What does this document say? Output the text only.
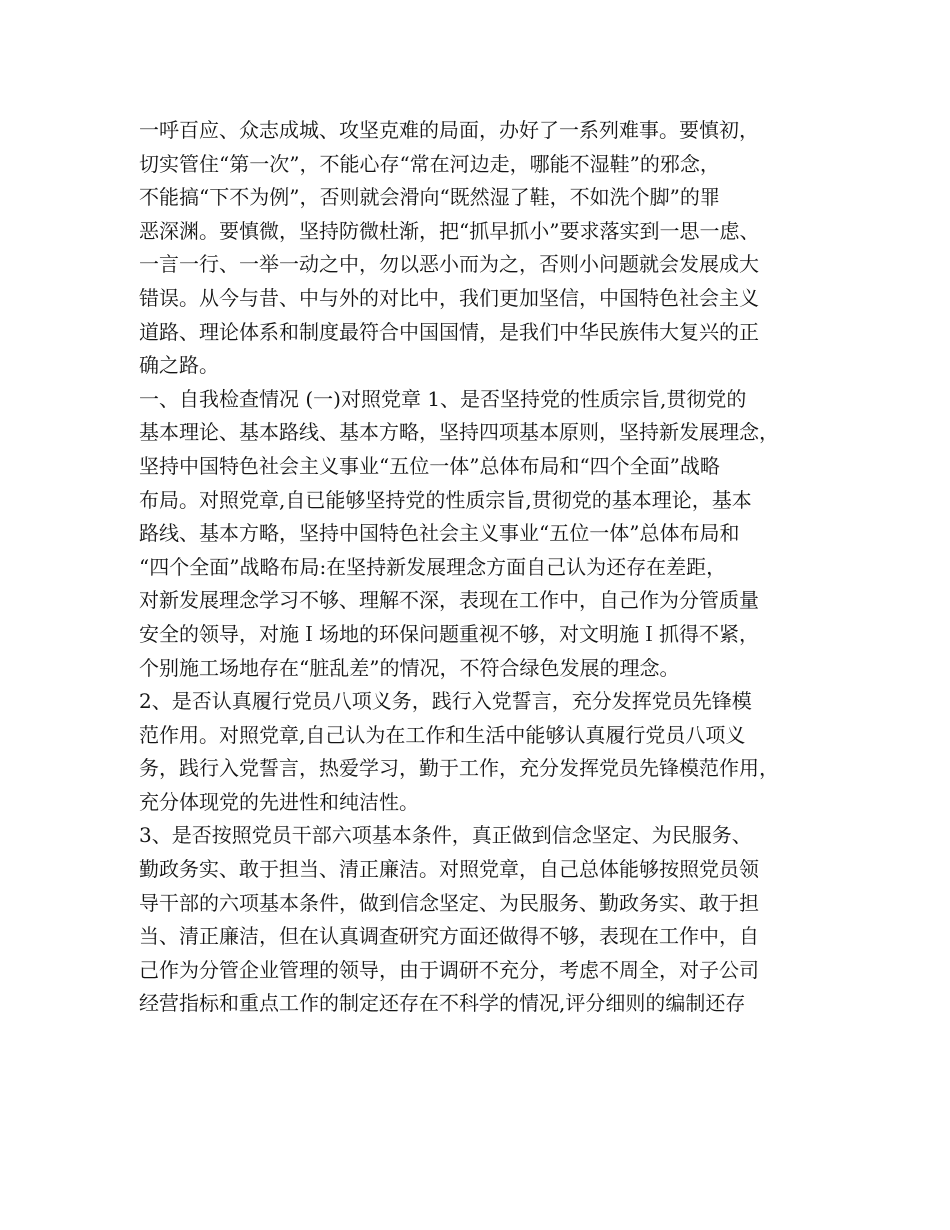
一呼百应、众志成城、攻坚克难的局面，办好了一系列难事。要慎初，
切实管住“第一次”，不能心存“常在河边走，哪能不湿鞋”的邪念，
不能搞“下不为例”，否则就会滑向“既然湿了鞋，不如洗个脚”的罪
恶深渊。要慎微，坚持防微杜渐，把“抓早抓小”要求落实到一思一虑、
一言一行、一举一动之中，勿以恶小而为之，否则小问题就会发展成大
错误。从今与昔、中与外的对比中，我们更加坚信，中国特色社会主义
道路、理论体系和制度最符合中国国情，是我们中华民族伟大复兴的正
确之路。
一、自我检查情况 (一)对照党章 1、是否坚持党的性质宗旨,贯彻党的
基本理论、基本路线、基本方略，坚持四项基本原则，坚持新发展理念，
坚持中国特色社会主义事业“五位一体”总体布局和“四个全面”战略
布局。对照党章,自已能够坚持党的性质宗旨,贯彻党的基本理论，基本
路线、基本方略，坚持中国特色社会主义事业“五位一体”总体布局和
“四个全面”战略布局:在坚持新发展理念方面自己认为还存在差距，
对新发展理念学习不够、理解不深，表现在工作中，自己作为分管质量
安全的领导，对施Ｉ场地的环保问题重视不够，对文明施Ｉ抓得不紧，
个别施工场地存在“脏乱差”的情况，不符合绿色发展的理念。
2、是否认真履行党员八项义务，践行入党誓言，充分发挥党员先锋模
范作用。对照党章,自己认为在工作和生活中能够认真履行党员八项义
务，践行入党誓言，热爱学习，勤于工作，充分发挥党员先锋模范作用，
充分体现党的先进性和纯洁性。
3、是否按照党员干部六项基本条件，真正做到信念坚定、为民服务、
勤政务实、敢于担当、清正廉洁。对照党章，自己总体能够按照党员领
导干部的六项基本条件，做到信念坚定、为民服务、勤政务实、敢于担
当、清正廉洁，但在认真调查研究方面还做得不够，表现在工作中，自
己作为分管企业管理的领导，由于调研不充分，考虑不周全，对子公司
经营指标和重点工作的制定还存在不科学的情况,评分细则的编制还存
